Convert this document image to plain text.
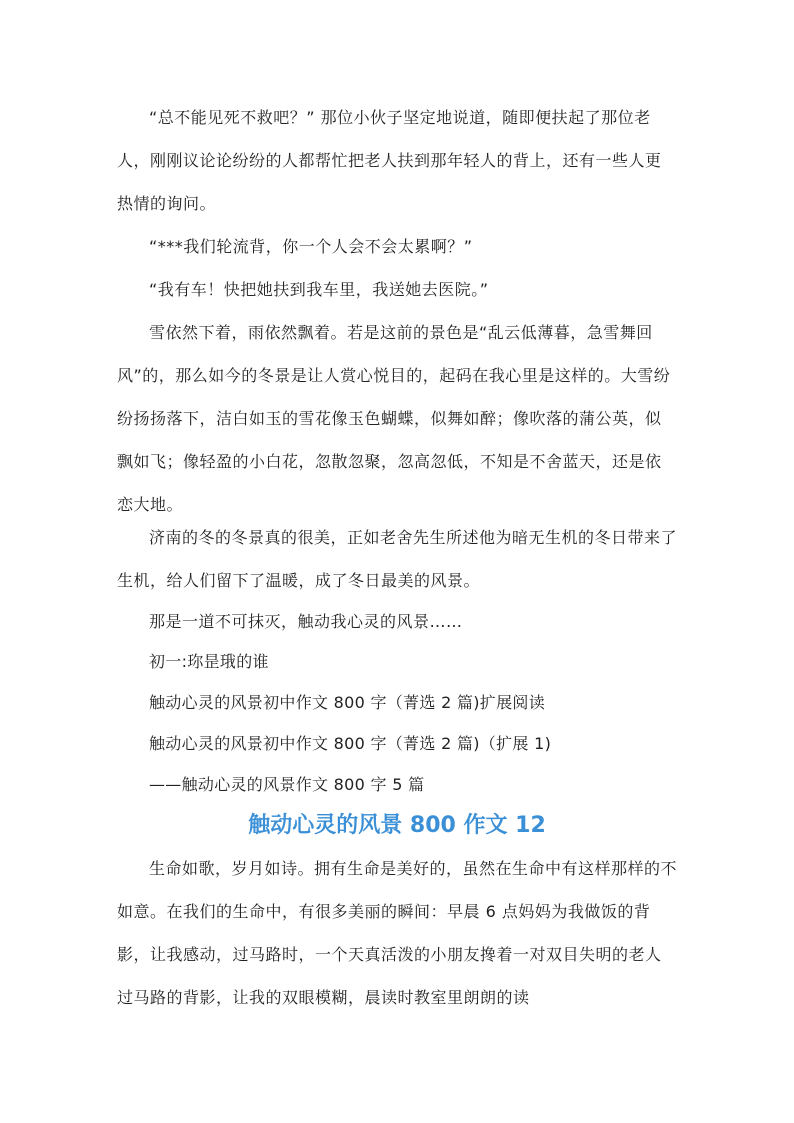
“总不能见死不救吧？” 那位小伙子坚定地说道，随即便扶起了那位老人，刚刚议论论纷纷的人都帮忙把老人扶到那年轻人的背上，还有一些人更热情的询问。

“***我们轮流背，你一个人会不会太累啊？”

“我有车！快把她扶到我车里，我送她去医院。”

雪依然下着，雨依然飘着。若是这前的景色是“乱云低薄暮，急雪舞回风”的，那么如今的冬景是让人赏心悦目的，起码在我心里是这样的。大雪纷纷扬扬落下，洁白如玉的雪花像玉色蝴蝶，似舞如醉；像吹落的蒲公英，似飘如飞；像轻盈的小白花，忽散忽聚，忽高忽低，不知是不舍蓝天，还是依恋大地。

济南的冬的冬景真的很美，正如老舍先生所述他为暗无生机的冬日带来了生机，给人们留下了温暖，成了冬日最美的风景。

那是一道不可抹灭，触动我心灵的风景……

初一:珎昰珴的谁

触动心灵的风景初中作文 800 字（菁选 2 篇)扩展阅读

触动心灵的风景初中作文 800 字（菁选 2 篇)（扩展 1)

——触动心灵的风景作文 800 字 5 篇

触动心灵的风景 800 作文 12

生命如歌，岁月如诗。拥有生命是美好的，虽然在生命中有这样那样的不如意。在我们的生命中，有很多美丽的瞬间：早晨 6 点妈妈为我做饭的背影，让我感动，过马路时，一个天真活泼的小朋友搀着一对双目失明的老人过马路的背影，让我的双眼模糊，晨读时教室里朗朗的读
